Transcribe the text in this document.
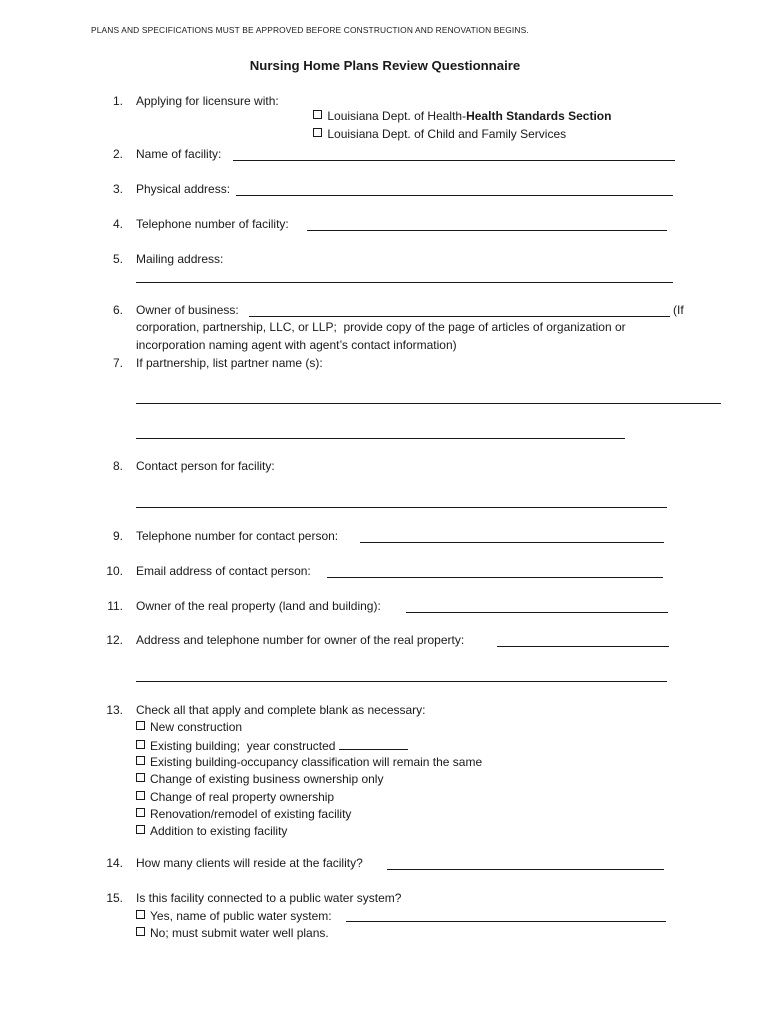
PLANS AND SPECIFICATIONS MUST BE APPROVED BEFORE CONSTRUCTION AND RENOVATION BEGINS.
Nursing Home Plans Review Questionnaire
1. Applying for licensure with:

Louisiana Dept. of Health-Health Standards Section

Louisiana Dept. of Child and Family Services

2. Name of facility:
3. Physical address:
4. Telephone number of facility:
5. Mailing address:
6. Owner of business:	(If
corporation, partnership, LLC, or LLP;  provide copy of the page of articles of organization or
incorporation naming agent with agent’s contact information)
7. If partnership, list partner name (s):
8. Contact person for facility:
9. Telephone number for contact person:
10. Email address of contact person:
11. Owner of the real property (land and building):
12. Address and telephone number for owner of the real property:
13. Check all that apply and complete blank as necessary:
New construction
Existing building;  year constructed
Existing building-occupancy classification will remain the same
Change of existing business ownership only
Change of real property ownership
Renovation/remodel of existing facility
Addition to existing facility
14. How many clients will reside at the facility?
15. Is this facility connected to a public water system?
Yes, name of public water system:
No; must submit water well plans.
